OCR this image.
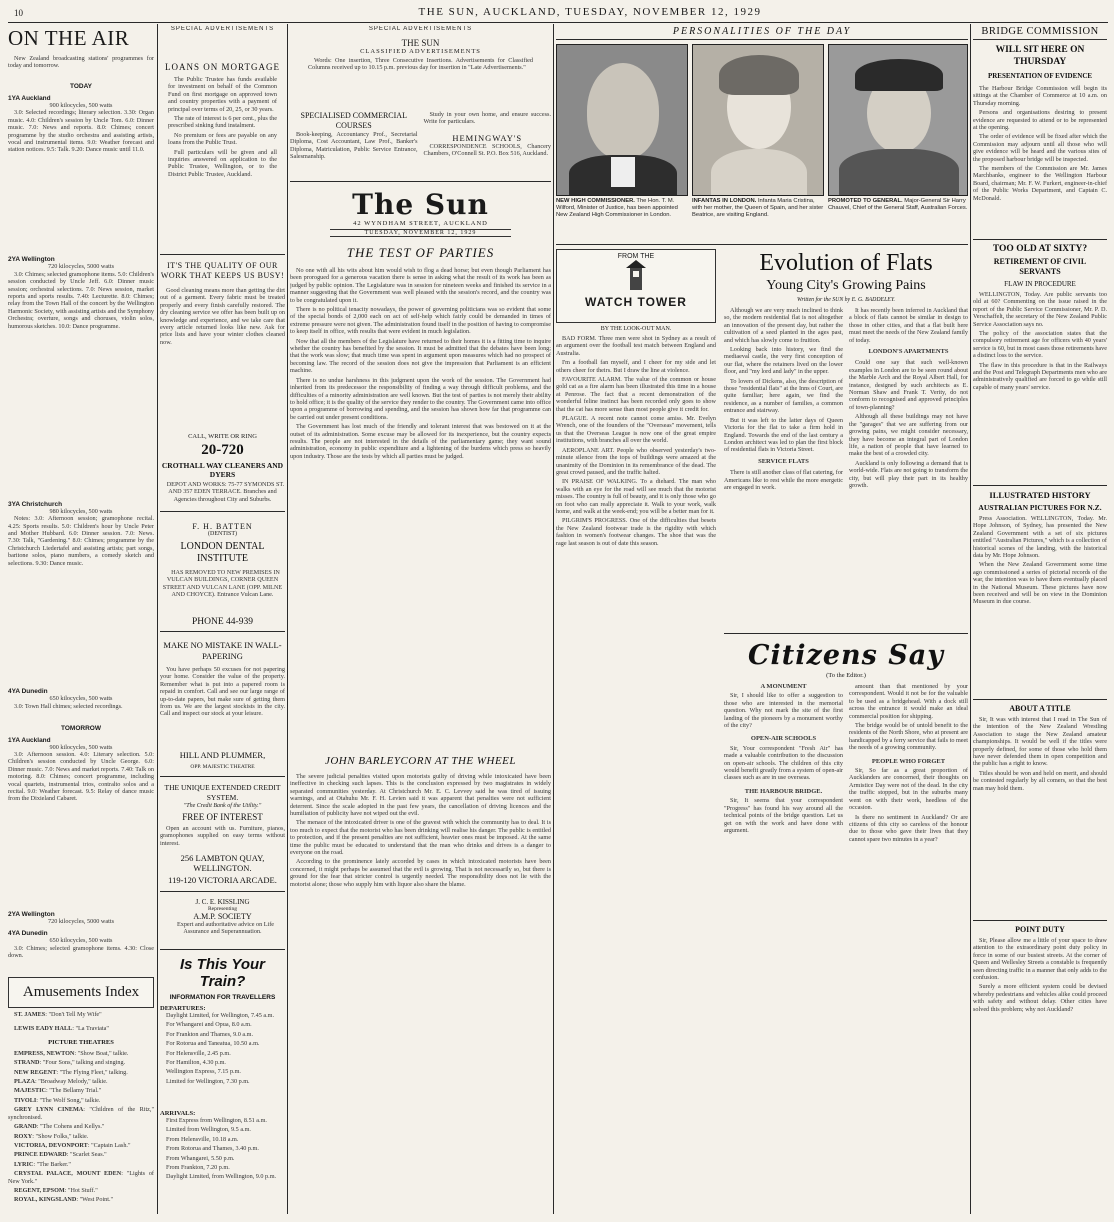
10	THE SUN, AUCKLAND, TUESDAY, NOVEMBER 12, 1929
ON THE AIR

New Zealand broadcasting stations' programmes for today and tomorrow.

TODAY
1YA Auckland
900 kilocycles, 500 watts

3.0: Selected recordings; literary selection. 3.30: Organ music. 4.0: Children's session by Uncle Tom. 6.0: Dinner music. 7.0: News and reports. 8.0: Chimes; concert programme by the studio orchestra and assisting artists, vocal and instrumental items. 9.0: Weather forecast and station notices. 9.5: Talk. 9.20: Dance music until 11.0.

2YA Wellington
720 kilocycles, 5000 watts

3.0: Chimes; selected gramophone items. 5.0: Children's session conducted by Uncle Jeff. 6.0: Dinner music session; orchestral selections. 7.0: News session, market reports and sports results. 7.40: Lecturette. 8.0: Chimes; relay from the Town Hall of the concert by the Wellington Harmonic Society, with assisting artists and the Symphony Orchestra; overture, songs and choruses, violin solos, humorous sketches. 10.0: Dance programme.

3YA Christchurch
980 kilocycles, 500 watts

Notes: 3.0: Afternoon session; gramophone recital. 4.25: Sports results. 5.0: Children's hour by Uncle Peter and Mother Hubbard. 6.0: Dinner session. 7.0: News. 7.30: Talk, "Gardening." 8.0: Chimes; programme by the Christchurch Liedertafel and assisting artists; part songs, baritone solos, piano numbers, a comedy sketch and selections. 9.30: Dance music.

4YA Dunedin
650 kilocycles, 500 watts

3.0: Town Hall chimes; selected recordings.

TOMORROW
1YA Auckland
900 kilocycles, 500 watts

3.0: Afternoon session. 4.0: Literary selection. 5.0: Children's session conducted by Uncle George. 6.0: Dinner music. 7.0: News and market reports. 7.40: Talk on motoring. 8.0: Chimes; concert programme, including vocal quartets, instrumental trios, contralto solos and a recital. 9.0: Weather forecast. 9.5: Relay of dance music from the Dixieland Cabaret.

2YA Wellington
720 kilocycles, 5000 watts
4YA Dunedin
650 kilocycles, 500 watts

3.0: Chimes; selected gramophone items. 4.30: Close down.

Amusements Index

ST. JAMES: "Don't Tell My Wife"

LEWIS EADY HALL: "La Traviata"

PICTURE THEATRES

EMPRESS, NEWTON: "Show Boat," talkie.

STRAND: "Four Sons," talking and singing.

NEW REGENT: "The Flying Fleet," talking.

PLAZA: "Broadway Melody," talkie.

MAJESTIC: "The Bellamy Trial."

TIVOLI: "The Wolf Song," talkie.

GREY LYNN CINEMA: "Children of the Ritz," synchronised.

GRAND: "The Cohens and Kellys."

ROXY: "Show Folks," talkie.

VICTORIA, DEVONPORT: "Captain Lash."

PRINCE EDWARD: "Scarlet Seas."

LYRIC: "The Barker."

CRYSTAL PALACE, MOUNT EDEN: "Lights of New York."

REGENT, EPSOM: "Hot Stuff."

ROYAL, KINGSLAND: "West Point."

SPECIAL ADVERTISEMENTS
LOANS ON MORTGAGE

The Public Trustee has funds available for investment on behalf of the Common Fund on first mortgage on approved town and country properties with a payment of principal over terms of 20, 25, or 30 years.

The rate of interest is 6 per cent., plus the prescribed sinking fund instalment.

No premium or fees are payable on any loans from the Public Trust.

Full particulars will be given and all inquiries answered on application to the Public Trustee, Wellington, or to the District Public Trustee, Auckland.

IT'S THE QUALITY OF OUR WORK THAT KEEPS US BUSY!

Good cleaning means more than getting the dirt out of a garment. Every fabric must be treated properly and every finish carefully restored. The dry cleaning service we offer has been built up on knowledge and experience, and we take care that every article returned looks like new. Ask for price lists and have your winter clothes cleaned now.

CALL, WRITE OR RING
20-720
CROTHALL WAY CLEANERS AND DYERS

DEPOT AND WORKS: 75-77 SYMONDS ST. AND 357 EDEN TERRACE. Branches and Agencies throughout City and Suburbs.

F. H. BATTEN
(DENTIST)
LONDON DENTAL INSTITUTE

HAS REMOVED TO NEW PREMISES IN VULCAN BUILDINGS, CORNER QUEEN STREET AND VULCAN LANE (OPP. MILNE AND CHOYCE). Entrance Vulcan Lane.

PHONE 44-939
MAKE NO MISTAKE IN WALL-PAPERING

You have perhaps 50 excuses for not papering your home. Consider the value of the property. Remember what is put into a papered room is repaid in comfort. Call and see our large range of up-to-date papers, but make sure of getting them from us. We are the largest stockists in the city. Call and inspect our stock at your leisure.

HILL AND PLUMMER,
OPP. MAJESTIC THEATRE
THE UNIQUE EXTENDED CREDIT SYSTEM.
"The Credit Bank of the Utility."
FREE OF INTEREST

Open an account with us. Furniture, pianos, gramophones supplied on easy terms without interest.

256 LAMBTON QUAY, WELLINGTON.
119-120 VICTORIA ARCADE.
J. C. E. KISSLING
Representing
A.M.P. SOCIETY

Expert and authoritative advice on Life Assurance and Superannuation.

Is This Your Train?
INFORMATION FOR TRAVELLERS
DEPARTURES:

Daylight Limited, for Wellington, 7.45 a.m.

For Whangarei and Opua, 8.0 a.m.

For Frankton and Thames, 9.0 a.m.

For Rotorua and Taneatua, 10.50 a.m.

For Helensville, 2.45 p.m.

For Hamilton, 4.30 p.m.

Wellington Express, 7.15 p.m.

Limited for Wellington, 7.30 p.m.

ARRIVALS:

First Express from Wellington, 8.51 a.m.

Limited from Wellington, 9.5 a.m.

From Helensville, 10.18 a.m.

From Rotorua and Thames, 3.40 p.m.

From Whangarei, 5.50 p.m.

From Frankton, 7.20 p.m.

Daylight Limited, from Wellington, 9.0 p.m.

SPECIAL ADVERTISEMENTS
THE SUN
CLASSIFIED ADVERTISEMENTS

Words: One insertion, Three Consecutive Insertions. Advertisements for Classified Columns received up to 10.15 p.m. previous day for insertion in "Late Advertisements."

SPECIALISED COMMERCIAL COURSES

Book-keeping, Accountancy Prof., Secretarial Diploma, Cost Accountant, Law Prof., Banker's Diploma, Matriculation, Public Service Entrance, Salesmanship.

Study in your own home, and ensure success. Write for particulars.

HEMINGWAY'S

CORRESPONDENCE SCHOOLS, Chancery Chambers, O'Connell St. P.O. Box 516, Auckland.

The Sun
42 WYNDHAM STREET, AUCKLAND
TUESDAY, NOVEMBER 12, 1929
THE TEST OF PARTIES

No one with all his wits about him would wish to flog a dead horse; but even though Parliament has been prorogued for a generous vacation there is sense in asking what the result of its work has been as judged by public opinion. The Legislature was in session for nineteen weeks and finished its service in a manner suggesting that the Government was well pleased with the session's record, and the country was to be congratulated upon it.

There is no political tenacity nowadays, the power of governing politicians was so evident that some of the special bonds of 2,000 each on act of self-help which fairly could be demanded in times of extreme pressure were not given. The administration found itself in the position of having to compromise to keep itself in office, with results that were evident in much legislation.

Now that all the members of the Legislature have returned to their homes it is a fitting time to inquire whether the country has benefited by the session. It must be admitted that the debates have been long; that the work was slow; that much time was spent in argument upon measures which had no prospect of becoming law. The record of the session does not give the impression that Parliament is an efficient machine.

There is no undue harshness in this judgment upon the work of the session. The Government had inherited from its predecessor the responsibility of finding a way through difficult problems, and the difficulties of a minority administration are well known. But the test of parties is not merely their ability to hold office; it is the quality of the service they render to the country. The Government came into office upon a programme of borrowing and spending, and the session has shown how far that programme can be carried out under present conditions.

The Government has lost much of the friendly and tolerant interest that was bestowed on it at the outset of its administration. Some excuse may be allowed for its inexperience, but the country expects results. The people are not interested in the details of the parliamentary game; they want sound administration, economy in public expenditure and a lightening of the burdens which press so heavily upon industry. Those are the tests by which all parties must be judged.

JOHN BARLEYCORN AT THE WHEEL

The severe judicial penalties visited upon motorists guilty of driving while intoxicated have been ineffective in checking such lapses. This is the conclusion expressed by two magistrates in widely separated communities yesterday. At Christchurch Mr. E. C. Levvey said he was tired of issuing warnings, and at Otahuhu Mr. F. H. Levien said it was apparent that penalties were not sufficient deterrent. Since the scale adopted in the past few years, the cancellation of driving licences and the humiliation of publicity have not wiped out the evil.

The menace of the intoxicated driver is one of the gravest with which the community has to deal. It is too much to expect that the motorist who has been drinking will realise his danger. The public is entitled to protection, and if the present penalties are not sufficient, heavier ones must be imposed. At the same time the public must be educated to understand that the man who drinks and drives is a danger to everyone on the road.

According to the prominence lately accorded by cases in which intoxicated motorists have been concerned, it might perhaps be assumed that the evil is growing. That is not necessarily so, but there is ground for the fear that stricter control is urgently needed. The responsibility does not lie with the motorist alone; those who supply him with liquor also share the blame.

PERSONALITIES OF THE DAY
NEW HIGH COMMISSIONER. The Hon. T. M. Wilford, Minister of Justice, has been appointed New Zealand High Commissioner in London.
INFANTAS IN LONDON. Infanta Maria Cristina, with her mother, the Queen of Spain, and her sister Beatrice, are visiting England.
PROMOTED TO GENERAL. Major-General Sir Harry Chauvel, Chief of the General Staff, Australian Forces.
FROM THE
WATCH TOWER
BY THE LOOK-OUT MAN.

BAD FORM. Three men were shot in Sydney as a result of an argument over the football test match between England and Australia.

I'm a football fan myself, and I cheer for my side and let others cheer for theirs. But I draw the line at violence.

FAVOURITE ALARM. The value of the common or house gold cat as a fire alarm has been illustrated this time in a house at Penrose. The fact that a recent demonstration of the wonderful feline instinct has been recorded only goes to show that the cat has more sense than most people give it credit for.

PLAGUE. A recent note cannot come amiss. Mr. Evelyn Wrench, one of the founders of the "Overseas" movement, tells us that the Overseas League is now one of the great empire institutions, with branches all over the world.

AEROPLANE ART. People who observed yesterday's two-minute silence from the tops of buildings were amazed at the unanimity of the Dominion in its remembrance of the dead. The great crowd paused, and the traffic halted.

IN PRAISE OF WALKING. To a diehard. The man who walks with an eye for the road will see much that the motorist misses. The country is full of beauty, and it is only those who go on foot who can really appreciate it. Walk to your work, walk home, and walk at the week-end; you will be a better man for it.

PILGRIM'S PROGRESS. One of the difficulties that besets the New Zealand footwear trade is the rigidity with which fashion in women's footwear changes. The shoe that was the rage last season is out of date this season.

Evolution of Flats
Young City's Growing Pains
Written for the SUN by E. G. BADDELEY.

Although we are very much inclined to think so, the modern residential flat is not altogether an innovation of the present day, but rather the cultivation of a seed planted in the ages past, and which has slowly come to fruition.

Looking back into history, we find the mediaeval castle, the very first conception of our flat, where the retainers lived on the lower floor, and "my lord and lady" in the upper.

To lovers of Dickens, also, the description of those "residential flats" at the Inns of Court, are quite familiar; here again, we find the residence, as a number of families, a common entrance and stairway.

But it was left to the latter days of Queen Victoria for the flat to take a firm hold in England. Towards the end of the last century a London architect was led to plan the first block of residential flats in Victoria Street.

SERVICE FLATS

There is still another class of flat catering, for Americans like to rest while the more energetic are engaged in work.

It has recently been inferred in Auckland that a block of flats cannot be similar in design to those in other cities, and that a flat built here must meet the needs of the New Zealand family of today.

LONDON'S APARTMENTS

Could one say that such well-known examples in London are to be seen round about the Marble Arch and the Royal Albert Hall, for instance, designed by such architects as E. Norman Shaw and Frank T. Verity, do not conform to recognised and approved principles of town-planning?

Although all these buildings may not have the "garages" that we are suffering from our growing pains, we might consider necessary, they have become an integral part of London life, a nation of people that have learned to make the best of a crowded city.

Auckland is only following a demand that is world-wide. Flats are not going to transform the city, but will play their part in its healthy growth.

Citizens Say
(To the Editor.)
A MONUMENT

Sir, I should like to offer a suggestion to those who are interested in the memorial question. Why not mark the site of the first landing of the pioneers by a monument worthy of the city?

OPEN-AIR SCHOOLS

Sir, Your correspondent "Fresh Air" has made a valuable contribution to the discussion on open-air schools. The children of this city would benefit greatly from a system of open-air classes such as are in use overseas.

THE HARBOUR BRIDGE.

Sir, It seems that your correspondent "Progress" has found his way around all the technical points of the bridge question. Let us get on with the work and have done with argument.

amount than that mentioned by your correspondent. Would it not be for the valuable to be used as a bridgehead. With a dock still across the entrance it would make an ideal commercial position for shipping.

The bridge would be of untold benefit to the residents of the North Shore, who at present are handicapped by a ferry service that fails to meet the needs of a growing community.

PEOPLE WHO FORGET

Sir, So far as a great proportion of Aucklanders are concerned, their thoughts on Armistice Day were not of the dead. In the city the traffic stopped, but in the suburbs many went on with their work, heedless of the occasion.

Is there no sentiment in Auckland? Or are citizens of this city so careless of the honour due to those who gave their lives that they cannot spare two minutes in a year?

BRIDGE COMMISSION
WILL SIT HERE ON THURSDAY
PRESENTATION OF EVIDENCE

The Harbour Bridge Commission will begin its sittings at the Chamber of Commerce at 10 a.m. on Thursday morning.

Persons and organisations desiring to present evidence are requested to attend or to be represented at the opening.

The order of evidence will be fixed after which the Commission may adjourn until all those who will give evidence will be heard and the various sites of the proposed harbour bridge will be inspected.

The members of the Commission are Mr. James Marchbanks, engineer to the Wellington Harbour Board, chairman; Mr. F. W. Furkert, engineer-in-chief of the Public Works Department, and Captain C. McDonald.

TOO OLD AT SIXTY?
RETIREMENT OF CIVIL SERVANTS
FLAW IN PROCEDURE

WELLINGTON, Today. Are public servants too old at 60? Commenting on the issue raised in the report of the Public Service Commissioner, Mr. P. D. Verschaffelt, the secretary of the New Zealand Public Service Association says no.

The policy of the association states that the compulsory retirement age for officers with 40 years' service is 60, but in most cases those retirements have a distinct loss to the service.

The flaw in this procedure is that in the Railways and the Post and Telegraph Departments men who are administratively qualified are forced to go while still capable of many years' service.

ILLUSTRATED HISTORY
AUSTRALIAN PICTURES FOR N.Z.

Press Association. WELLINGTON, Today. Mr. Hope Johnson, of Sydney, has presented the New Zealand Government with a set of six pictures entitled "Australian Pictures," which is a collection of historical scenes of the landing, with the historical data by Mr. Hope Johnson.

When the New Zealand Government some time ago commissioned a series of pictorial records of the war, the intention was to have them eventually placed in the National Museum. These pictures have now been received and will be on view in the Dominion Museum in due course.

ABOUT A TITLE

Sir, It was with interest that I read in The Sun of the intention of the New Zealand Wrestling Association to stage the New Zealand amateur championships. It would be well if the titles were properly defined, for some of those who hold them have never defended them in open competition and the public has a right to know.

Titles should be won and held on merit, and should be contested regularly by all comers, so that the best man may hold them.

POINT DUTY

Sir, Please allow me a little of your space to draw attention to the extraordinary point duty policy in force in some of our busiest streets. At the corner of Queen and Wellesley Streets a constable is frequently seen directing traffic in a manner that only adds to the confusion.

Surely a more efficient system could be devised whereby pedestrians and vehicles alike could proceed with safety and without delay. Other cities have solved this problem; why not Auckland?
